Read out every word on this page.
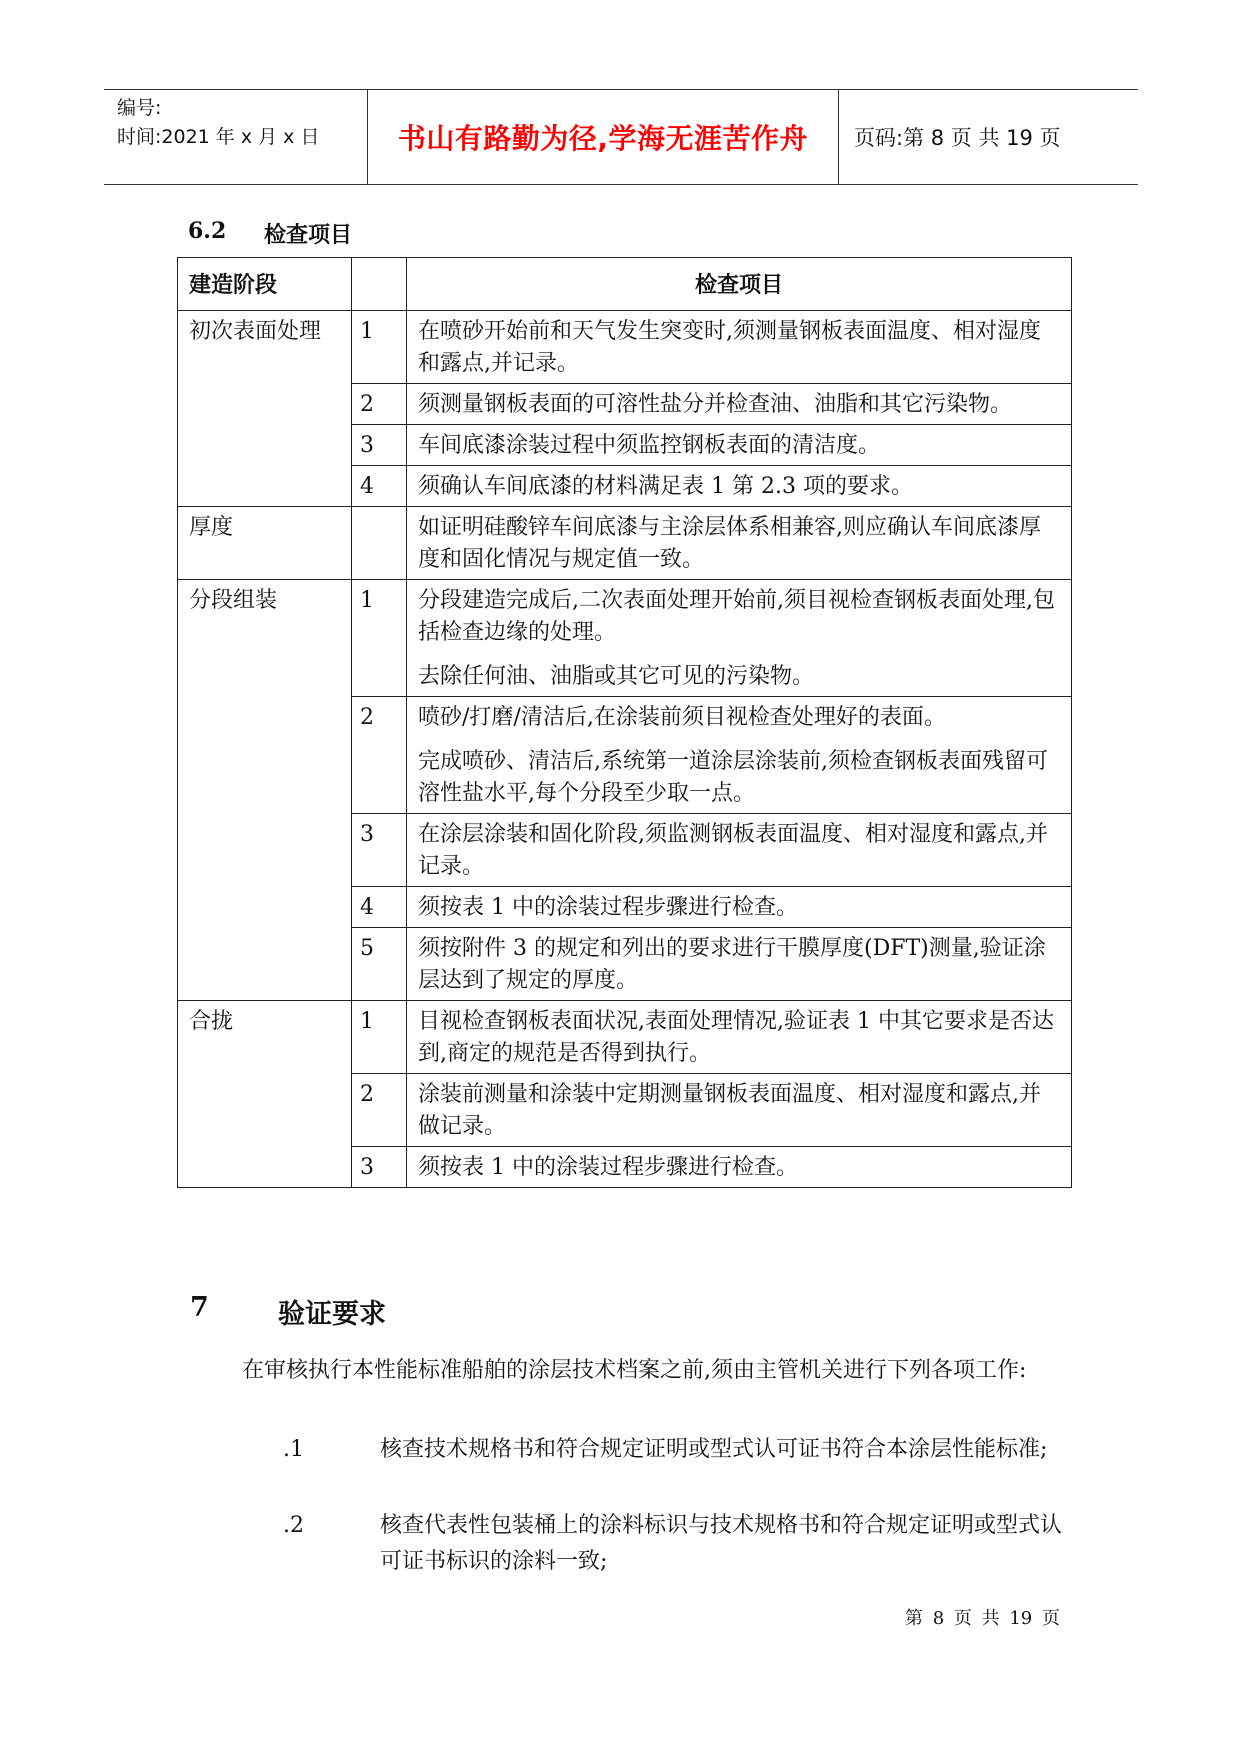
编号:
时间:2021 年 x 月 x 日	书山有路勤为径,学海无涯苦作舟	页码:第 8 页 共 19 页
6.2	检查项目
建造阶段		检查项目
初次表面处理	1	在喷砂开始前和天气发生突变时,须测量钢板表面温度、相对湿度和露点,并记录。

	2	须测量钢板表面的可溶性盐分并检查油、油脂和其它污染物。

	3	车间底漆涂装过程中须监控钢板表面的清洁度。

	4	须确认车间底漆的材料满足表 1 第 2.3 项的要求。

厚度		如证明硅酸锌车间底漆与主涂层体系相兼容,则应确认车间底漆厚度和固化情况与规定值一致。

分段组装	1	分段建造完成后,二次表面处理开始前,须目视检查钢板表面处理,包括检查边缘的处理。

去除任何油、油脂或其它可见的污染物。

	2	喷砂/打磨/清洁后,在涂装前须目视检查处理好的表面。

完成喷砂、清洁后,系统第一道涂层涂装前,须检查钢板表面残留可溶性盐水平,每个分段至少取一点。

	3	在涂层涂装和固化阶段,须监测钢板表面温度、相对湿度和露点,并记录。

	4	须按表 1 中的涂装过程步骤进行检查。

	5	须按附件 3 的规定和列出的要求进行干膜厚度(DFT)测量,验证涂层达到了规定的厚度。

合拢	1	目视检查钢板表面状况,表面处理情况,验证表 1 中其它要求是否达到,商定的规范是否得到执行。

	2	涂装前测量和涂装中定期测量钢板表面温度、相对湿度和露点,并做记录。

	3	须按表 1 中的涂装过程步骤进行检查。

7	验证要求
在审核执行本性能标准船舶的涂层技术档案之前,须由主管机关进行下列各项工作:
.1	核查技术规格书和符合规定证明或型式认可证书符合本涂层性能标准;
.2	核查代表性包装桶上的涂料标识与技术规格书和符合规定证明或型式认可证书标识的涂料一致;
第 8 页 共 19 页
